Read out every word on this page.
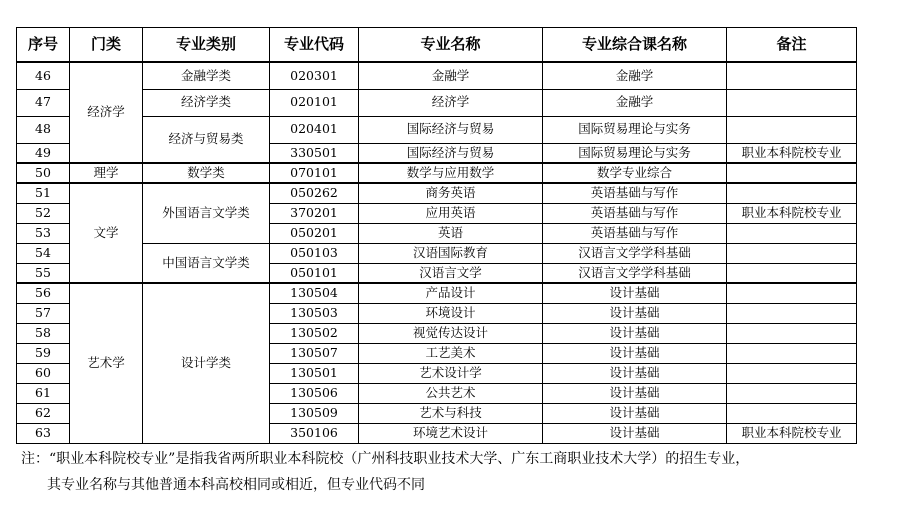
序号	门类	专业类别	专业代码	专业名称	专业综合课名称	备注
46	经济学	金融学类	020301	金融学	金融学	
47		经济学类	020101	经济学	金融学	
48		经济与贸易类	020401	国际经济与贸易	国际贸易理论与实务	
49			330501	国际经济与贸易	国际贸易理论与实务	职业本科院校专业
50	理学	数学类	070101	数学与应用数学	数学专业综合	
51	文学	外国语言文学类	050262	商务英语	英语基础与写作	
52			370201	应用英语	英语基础与写作	职业本科院校专业
53			050201	英语	英语基础与写作	
54		中国语言文学类	050103	汉语国际教育	汉语言文学学科基础	
55			050101	汉语言文学	汉语言文学学科基础	
56	艺术学	设计学类	130504	产品设计	设计基础	
57			130503	环境设计	设计基础	
58			130502	视觉传达设计	设计基础	
59			130507	工艺美术	设计基础	
60			130501	艺术设计学	设计基础	
61			130506	公共艺术	设计基础	
62			130509	艺术与科技	设计基础	
63			350106	环境艺术设计	设计基础	职业本科院校专业
注：“职业本科院校专业”是指我省两所职业本科院校（广州科技职业技术大学、广东工商职业技术大学）的招生专业，
其专业名称与其他普通本科高校相同或相近，但专业代码不同
